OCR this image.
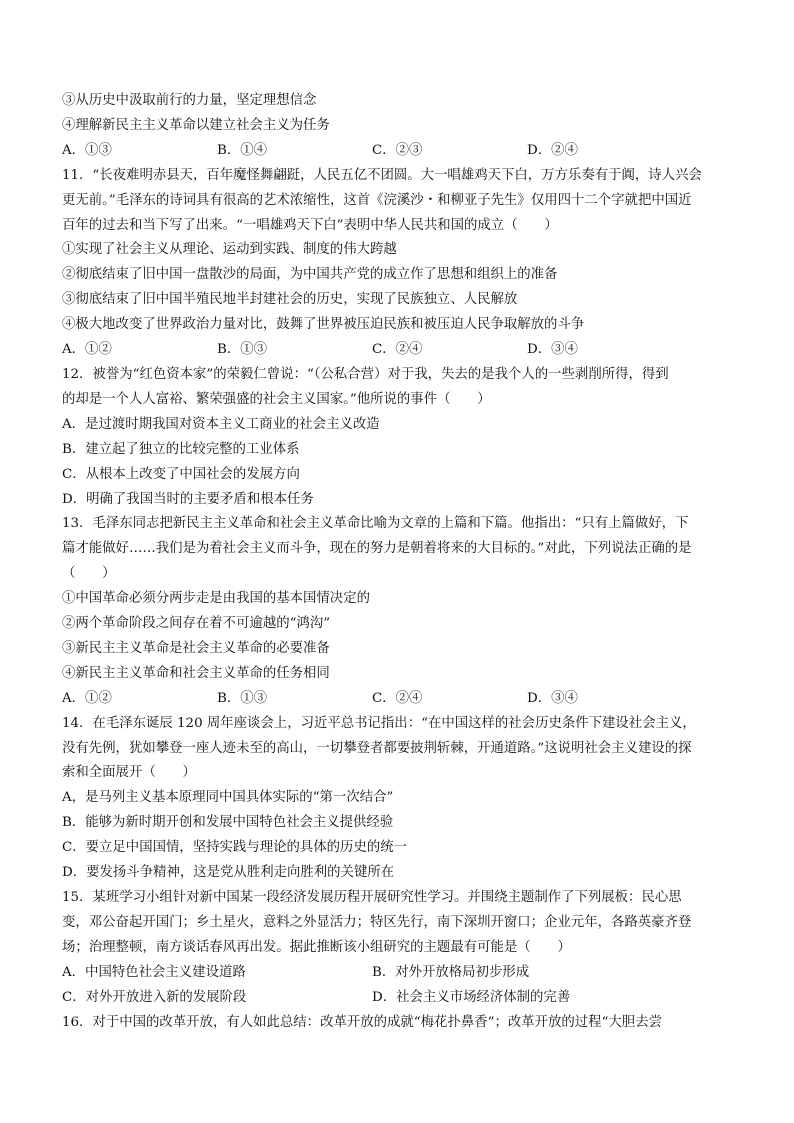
③从历史中汲取前行的力量，坚定理想信念
④理解新民主主义革命以建立社会主义为任务
A．①③	B．①④	C．②③	D．②④
11．“长夜难明赤县天，百年魔怪舞翩跹，人民五亿不团圆。大一唱雄鸡天下白，万方乐奏有于阗，诗人兴会
更无前。”毛泽东的诗词具有很高的艺术浓缩性，这首《浣溪沙・和柳亚子先生》仅用四十二个字就把中国近
百年的过去和当下写了出来。“一唱雄鸡天下白”表明中华人民共和国的成立（　　）
①实现了社会主义从理论、运动到实践、制度的伟大跨越
②彻底结束了旧中国一盘散沙的局面，为中国共产党的成立作了思想和组织上的准备
③彻底结束了旧中国半殖民地半封建社会的历史，实现了民族独立、人民解放
④极大地改变了世界政治力量对比，鼓舞了世界被压迫民族和被压迫人民争取解放的斗争
A．①②	B．①③	C．②④	D．③④
12．被誉为“红色资本家”的荣毅仁曾说：“（公私合营）对于我，失去的是我个人的一些剥削所得，得到
的却是一个人人富裕、繁荣强盛的社会主义国家。”他所说的事件（　　）
A．是过渡时期我国对资本主义工商业的社会主义改造
B．建立起了独立的比较完整的工业体系
C．从根本上改变了中国社会的发展方向
D．明确了我国当时的主要矛盾和根本任务
13．毛泽东同志把新民主主义革命和社会主义革命比喻为文章的上篇和下篇。他指出：“只有上篇做好，下
篇才能做好……我们是为着社会主义而斗争，现在的努力是朝着将来的大目标的。”对此，下列说法正确的是
（　　）
①中国革命必须分两步走是由我国的基本国情决定的
②两个革命阶段之间存在着不可逾越的“鸿沟”
③新民主主义革命是社会主义革命的必要准备
④新民主主义革命和社会主义革命的任务相同
A．①②	B．①③	C．②④	D．③④
14．在毛泽东诞辰 120 周年座谈会上，习近平总书记指出：“在中国这样的社会历史条件下建设社会主义，
没有先例，犹如攀登一座人迹未至的高山，一切攀登者都要披荆斩棘，开通道路。”这说明社会主义建设的探
索和全面展开（　　）
A，是马列主义基本原理同中国具体实际的“第一次结合”
B．能够为新时期开创和发展中国特色社会主义提供经验
C．要立足中国国情，坚持实践与理论的具体的历史的统一
D．要发扬斗争精神，这是党从胜利走向胜利的关键所在
15．某班学习小组针对新中国某一段经济发展历程开展研究性学习。并围绕主题制作了下列展板：民心思
变，邓公奋起开国门；乡土星火，意料之外显活力；特区先行，南下深圳开窗口；企业元年，各路英豪齐登
场；治理整顿，南方谈话春风再出发。据此推断该小组研究的主题最有可能是（　　）
A．中国特色社会主义建设道路	B．对外开放格局初步形成
C．对外开放进入新的发展阶段	D．社会主义市场经济体制的完善
16．对于中国的改革开放，有人如此总结：改革开放的成就“梅花扑鼻香”；改革开放的过程“大胆去尝
